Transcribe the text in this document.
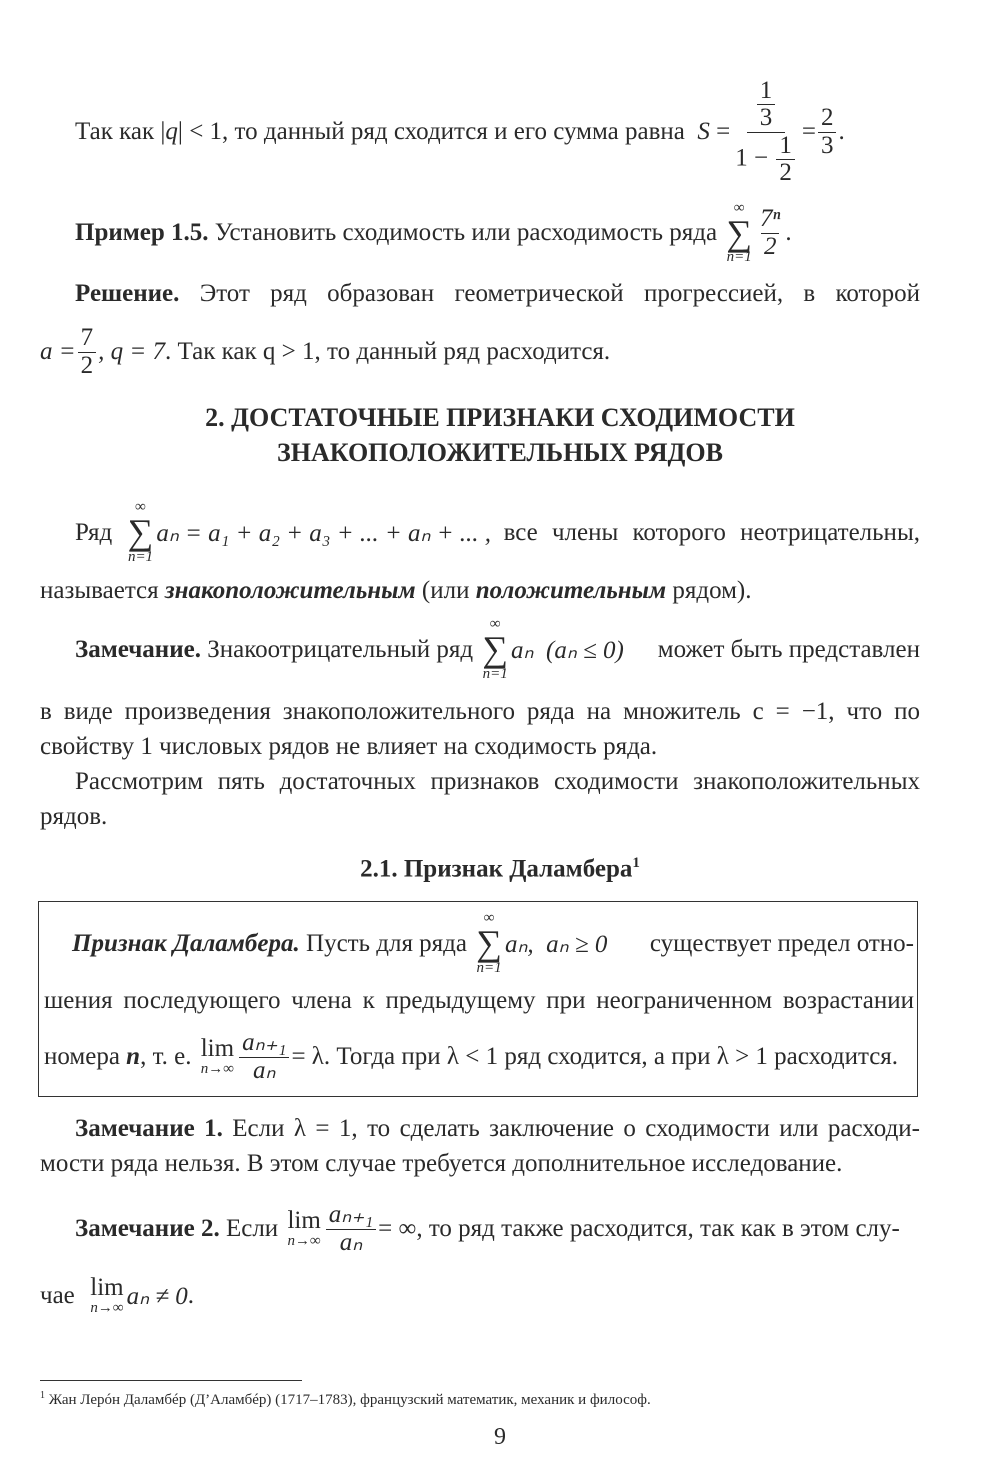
Так как
|q|
< 1 , то данный ряд сходится и его сумма равна
S
= $\frac{\frac{1}{3}}{1 - \frac{1}{2}} = \frac{2}{3}$ .
Пример 1.5.
Установить сходимость или расходимость ряда

∞
∑
$n=1 \frac{\text{7ⁿ}}{2}$ .
Решение. Этот ряд образован геометрической прогрессией, в которой
$a = \frac{7}{2}$ , q = 7 . Так как q > 1, то данный ряд расходится.
2. ДОСТАТОЧНЫЕ ПРИЗНАКИ СХОДИМОСТИ
ЗНАКОПОЛОЖИТЕЛЬНЫХ РЯДОВ
Ряд

∞
∑
n=1
aₙ = a₁ + a₂ + a₃ + ... + aₙ + ... , все члены которого неотрицательны,
называется знакоположительным (или положительным рядом).
Замечание.
Знакоотрицательный ряд

∞
∑
n=1
aₙ
(aₙ ≤ 0) может быть представлен
в виде произведения знакоположительного ряда на множитель c = −1, что по
свойству 1 числовых рядов не влияет на сходимость ряда.
Рассмотрим пять достаточных признаков сходимости знакоположительных
рядов.
2.1. Признак Даламбера$^1$
Признак Даламбера.
Пусть для ряда

∞
∑
n=1
aₙ,
aₙ ≥ 0 существует предел отно-
шения последующего члена к предыдущему при неограниченном возрастании
номера
n , т. е.
lim
$n\to\infty \frac{\text{aₙ₊₁}}{\text{aₙ}} = \lambda$ . Тогда при λ < 1 ряд сходится, а при λ > 1 расходится.
Замечание 1. Если λ = 1, то сделать заключение о сходимости или расходи-
мости ряда нельзя. В этом случае требуется дополнительное исследование.
Замечание 2.
Если
lim
$n\to\infty \frac{\text{aₙ₊₁}}{\text{aₙ}}$ = ∞ , то ряд также расходится, так как в этом слу-
чае
lim
n→∞ aₙ ≠ 0 .
$^1$ Жан Лерóн Даламбéр (Д’Аламбéр) (1717–1783), французский математик, механик и философ.
9
